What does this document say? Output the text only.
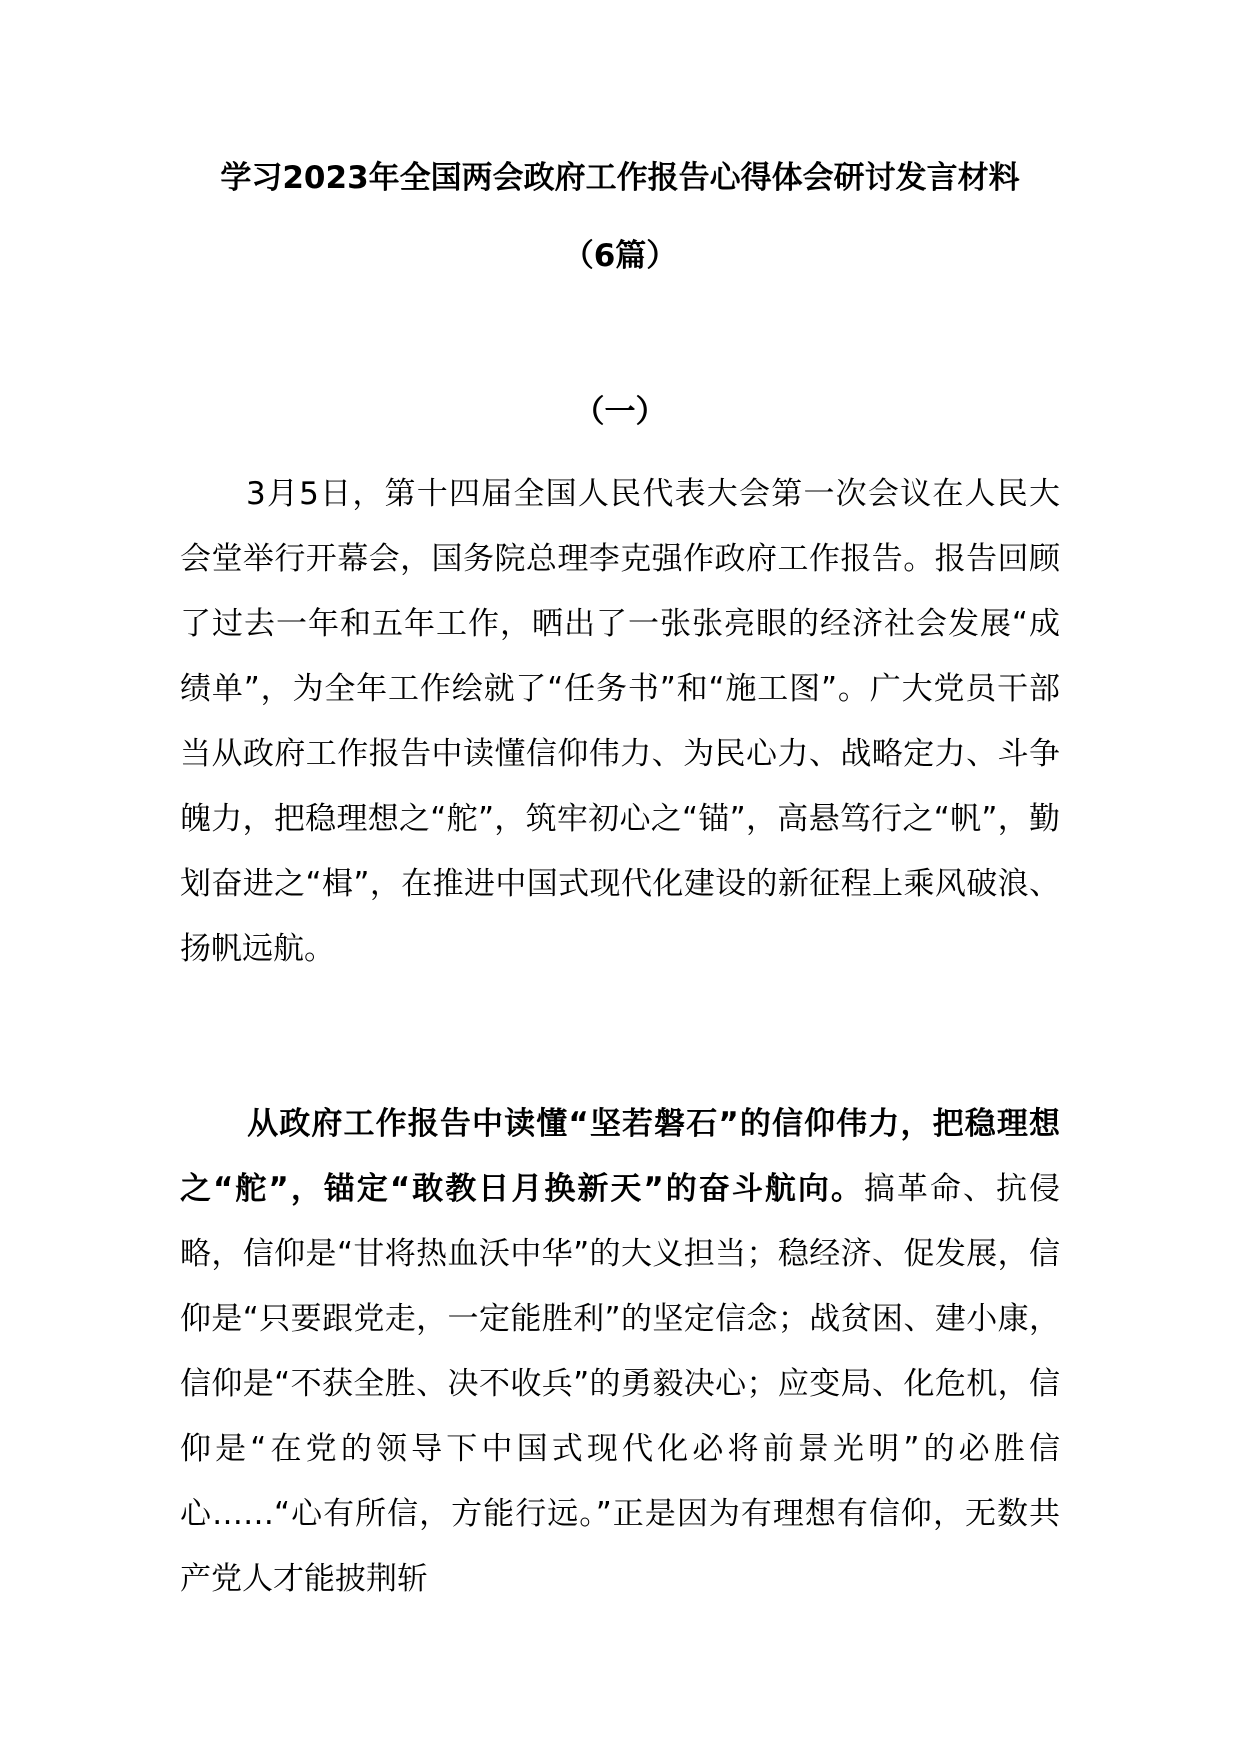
学习2023年全国两会政府工作报告心得体会研讨发言材料
（6篇）
（一）

3月5日，第十四届全国人民代表大会第一次会议在人民大会堂举行开幕会，国务院总理李克强作政府工作报告。报告回顾了过去一年和五年工作，晒出了一张张亮眼的经济社会发展“成绩单”，为全年工作绘就了“任务书”和“施工图”。广大党员干部当从政府工作报告中读懂信仰伟力、为民心力、战略定力、斗争魄力，把稳理想之“舵”，筑牢初心之“锚”，高悬笃行之“帆”，勤划奋进之“楫”，在推进中国式现代化建设的新征程上乘风破浪、扬帆远航。

从政府工作报告中读懂“坚若磐石”的信仰伟力，把稳理想之“舵”，锚定“敢教日月换新天”的奋斗航向。搞革命、抗侵略，信仰是“甘将热血沃中华”的大义担当；稳经济、促发展，信仰是“只要跟党走，一定能胜利”的坚定信念；战贫困、建小康，信仰是“不获全胜、决不收兵”的勇毅决心；应变局、化危机，信仰是“在党的领导下中国式现代化必将前景光明”的必胜信心……“心有所信，方能行远。”正是因为有理想有信仰，无数共产党人才能披荆斩
